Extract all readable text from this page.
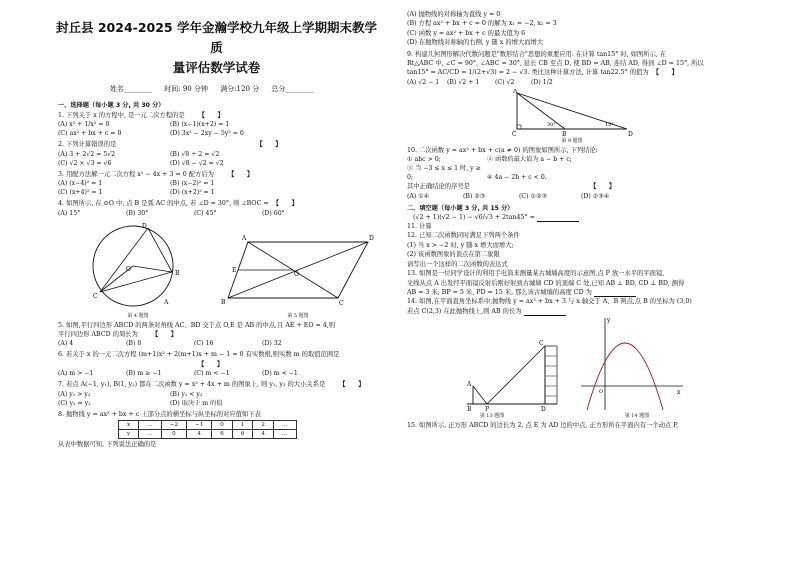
封丘县 2024-2025 学年金瀚学校九年级上学期期末教学质
量评估数学试卷
姓名________ 时间: 90 分钟 满分:120 分 总分________
一、选择题（每小题 3 分, 共 30 分）

1. 下列关于 x 的方程中, 是一元二次方程的是 【　　】

(A) x² + 1/x² = 0	(B) (x−1)(x+2) = 1
(C) ax² + bx + c = 0	(D) 3x² − 2xy − 5y² = 0

2. 下列计算错误的是	【　　】

(A) 3 + 2√2 = 5√2	(B) √8 ÷ 2 = √2
(C) √2 × √3 = √6	(D) √8 − √2 = √2

3. 用配方法解一元二次方程 x² − 4x + 3 = 0 配方后为 【　　】

(A) (x−4)² = 1	(B) (x−2)² = 1
(C) (x+4)² = 1	(D) (x+2)² = 1

4. 如图所示, 在 ⊙O 中, 点 B 是弧 AC 的中点, 若 ∠D = 30°, 则 ∠BOC = 【　　】

(A) 15°	(B) 30°	(C) 45°	(D) 60°
D
O
B
C
A
第 4 题图
A	D
B	C
E
O
第 5 题图

5. 如图,平行四边形 ABCD 的两条对角线 AC、BD 交于点 O,E 是 AB 的中点,且 AE + EO = 4,则
平行四边形 ABCD 的周长为 【　　】

(A) 4	(B) 8	(C) 16	(D) 32

6. 若关于 x 的一元二次方程 (m+1)x² + 2(m+1)x + m − 1 = 0 有实数根,则实数 m 的取值范围是【　　】

(A) m > −1	(B) m ≥ −1	(C) m < −1	(D) m < −1

7. 若点 A(−1, y₁), B(1, y₂) 都在二次函数 y = x² + 4x + m 的图象上, 则 y₁, y₂ 的大小关系是 【　　】

(A) y₁ > y₂	(B) y₁ < y₂
(C) y₁ = y₂	(D) 取决于 m 的值

8. 抛物线 y = ax² + bx + c 上部分点的横坐标与纵坐标的对应值如下表

x	…	−2	−1	0	1	2	…
y	…	0	4	6	6	4	…

从表中数据可知, 下列说法正确的是

(A) 抛物线的对称轴为直线 y = 0

(B) 方程 ax² + bx + c = 0 的解为 x₁ = −2, x₂ = 3

(C) 函数 y = ax² + bx + c 的最大值为 6

(D) 在抛物线对称轴的右侧, y 随 x 的增大而增大

9. 构建几何图形解决代数问题是"数形结合"思想的重要应用. 在计算 tan15° 时, 如图所示, 在
Rt△ABC 中, ∠C = 90°, ∠ABC = 30°, 延长 CB 至点 D, 使 BD = AB, 连结 AD, 得到 ∠D = 15°, 所以
tan15° = AC/CD = 1/(2+√3) = 2 − √3. 类比这种计算方法, 计算 tan22.5° 的值为 【　　】

(A) √2 − 1 (B) √2 + 1	(C) √2	(D) 1/2
A
C	B	D
30°	15°
第 9 题图

10. 二次函数 y = ax² + bx + c(a ≠ 0) 的图象如图所示, 下列结论:

① abc > 0;	② 函数的最大值为 a − b + c;
③ 当 −3 ≤ x ≤ 1 时, y ≥ 0;	④ 4a − 2b + c < 0.

其中正确结论的序号是	【　　】

(A) ①④	(B) ②③	(C) ①②③	(D) ②③④
二、填空题（每小题 3 分, 共 15 分）

(√2 + 1)(√2 − 1) − √6/√3 + 2tan45° =

11. 计算

12. 已知二次函数同时满足下列两个条件
(1) 当 x > −2 时, y 随 x 增大而增大;
(2) 该函数图象的顶点在第二象限
请写出一个这样的二次函数的表达式

13. 如图是一位同学设计的利用手电筒来测量某古城墙高度的示意图,点 P 放一水平的平面镜,
光线从点 A 出发经平面镜反射后刚好射到古城墙 CD 的顶端 C 处,已知 AB ⊥ BD, CD ⊥ BD, 测得
AB = 3 米, BP = 5 米, PD = 15 米, 那么该古城墙的高度 CD 为

14. 如图,在平面直角坐标系中,抛物线 y = ax² + bx + 3 与 x 轴交于 A、B 两点,点 B 的坐标为 (3,0)
若点 C(2,3) 在此抛物线上,则 AB 的长为

A
B P
C
D
第 13 题图
x
y
O
第 14 题图

15. 如图所示, 正方形 ABCD 的边长为 2, 点 E 为 AD 边的中点, 正方形所在平面内有一个动点 P,
